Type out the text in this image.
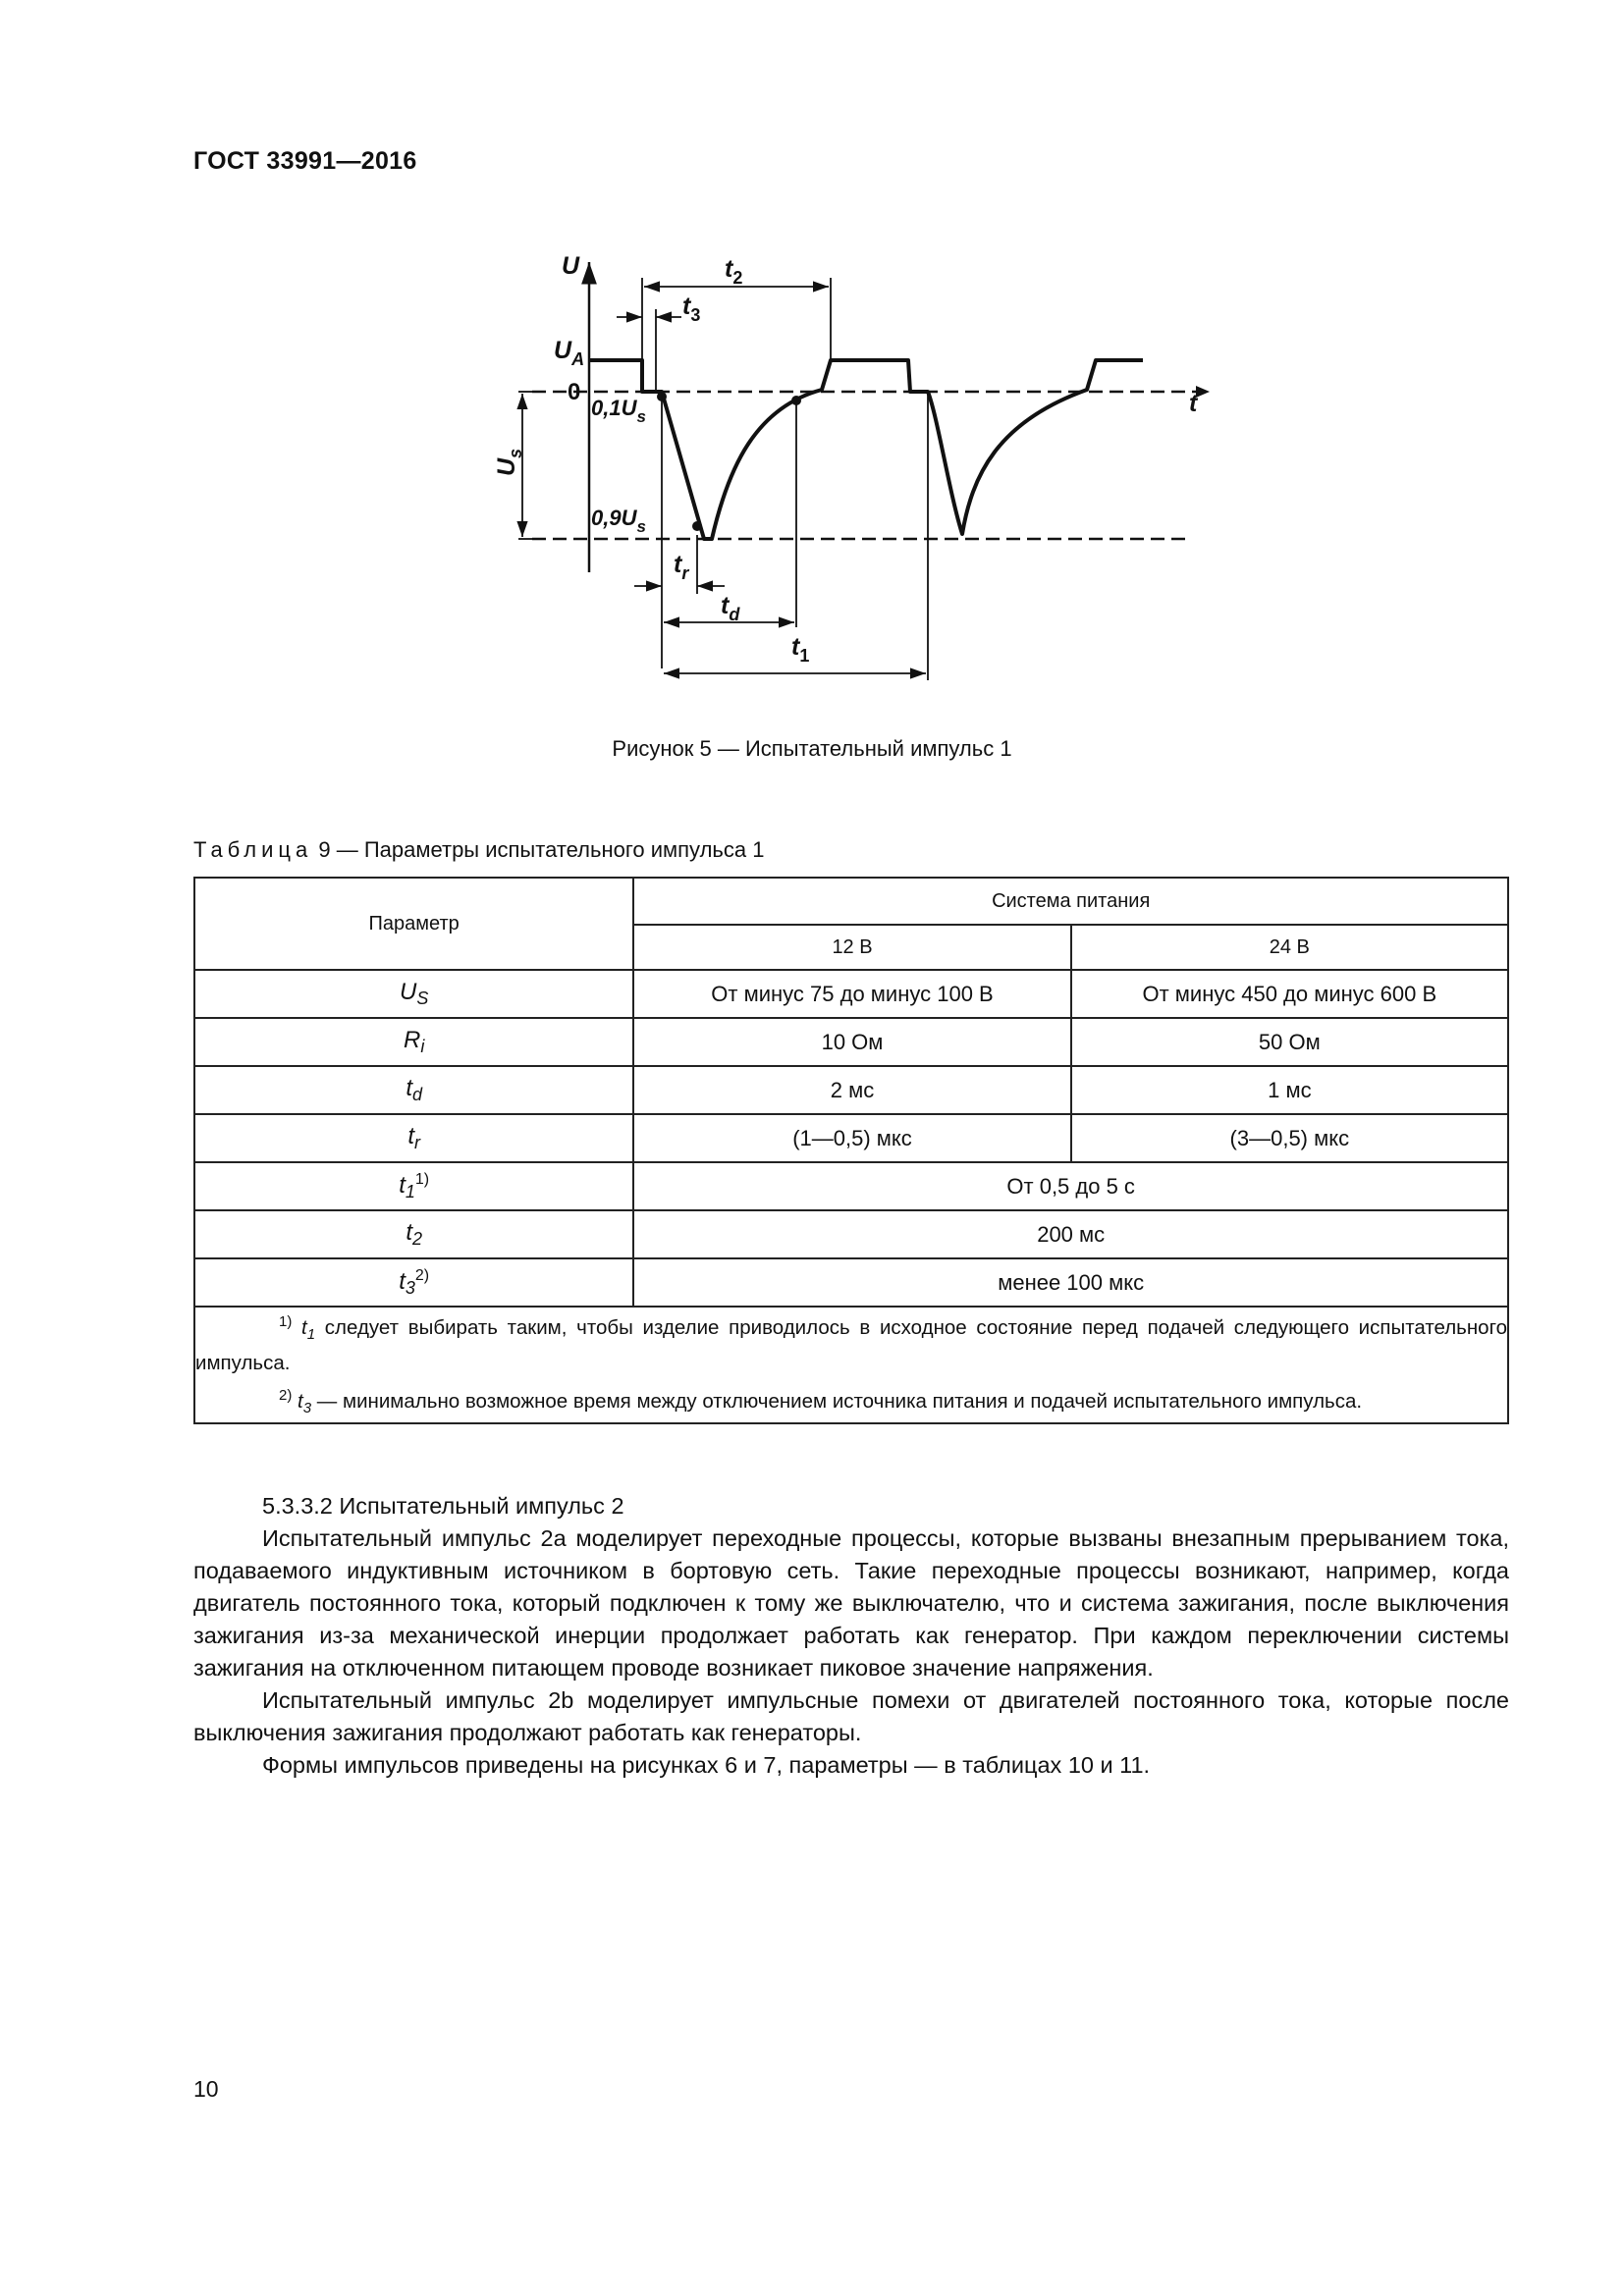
ГОСТ 33991—2016
U
t
$t_2$
$t_3$
$U_A$
0
$0,1U_s$
$0,9U_s$
$U_s$
$t_r$
$t_d$
$t_1$
Рисунок 5 — Испытательный импульс 1
Таблица 9 — Параметры испытательного импульса 1
Параметр	Система питания	
	12 В	24 В
$U_S$	От минус 75 до минус 100 В	От минус 450 до минус 600 В
$R_i$	10 Ом	50 Ом
$t_d$	2 мс	1 мс
$t_r$	(1—0,5) мкс	(3—0,5) мкс
$t_1^{1)}$	От 0,5 до 5 с	
$t_2$	200 мс	
$t_3^{2)}$	менее 100 мкс	

$^{1)}$ $t_1$ следует выбирать таким, чтобы изделие приводилось в исходное состояние перед подачей следующего испытательного импульса.

$^{2)}$ $t_3$ — минимально возможное время между отключением источника питания и подачей испытательного импульса.		

5.3.3.2 Испытательный импульс 2

Испытательный импульс 2а моделирует переходные процессы, которые вызваны внезапным прерыванием тока, подаваемого индуктивным источником в бортовую сеть. Такие переходные процессы возникают, например, когда двигатель постоянного тока, который подключен к тому же выключателю, что и система зажигания, после выключения зажигания из-за механической инерции продолжает работать как генератор. При каждом переключении системы зажигания на отключенном питающем проводе возникает пиковое значение напряжения.

Испытательный импульс 2b моделирует импульсные помехи от двигателей постоянного тока, которые после выключения зажигания продолжают работать как генераторы.

Формы импульсов приведены на рисунках 6 и 7, параметры — в таблицах 10 и 11.

10
